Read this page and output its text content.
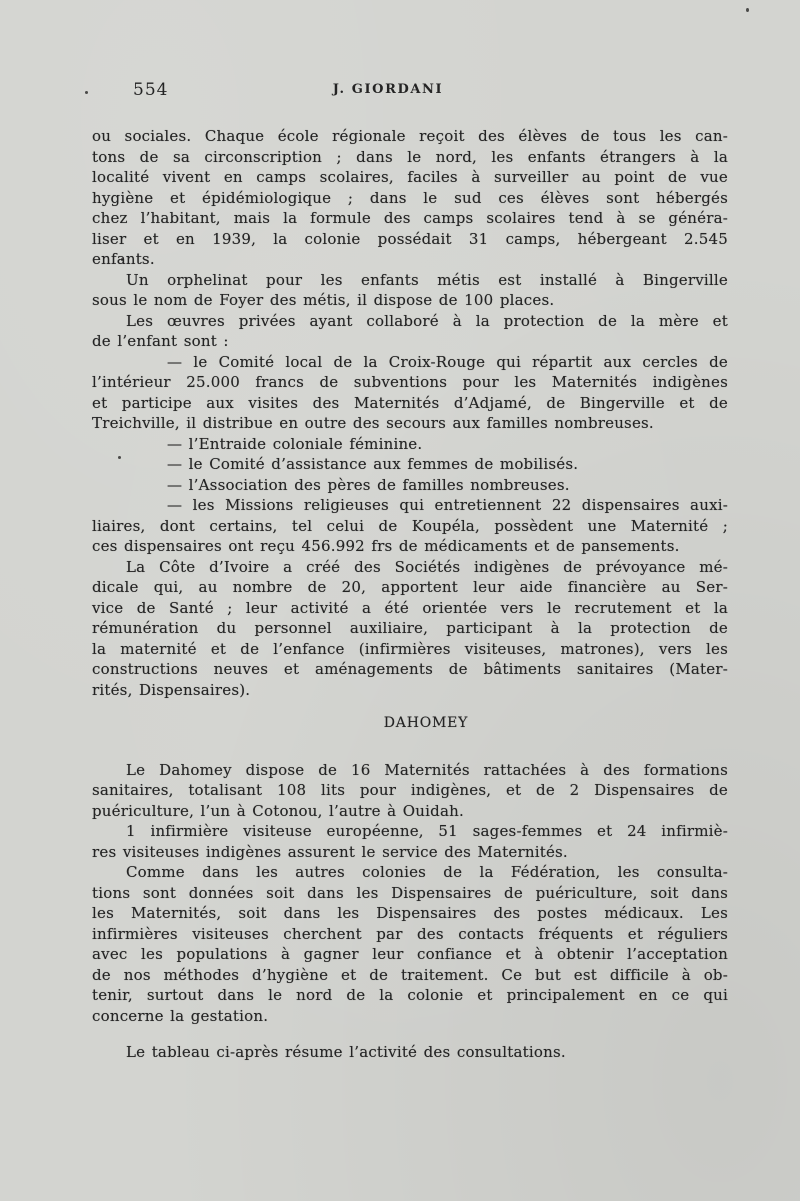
554	J. GIORDANI
ou sociales. Chaque école régionale reçoit des élèves de tous les can-
tons de sa circonscription ; dans le nord, les enfants étrangers à la
localité vivent en camps scolaires, faciles à surveiller au point de vue
hygiène et épidémiologique ; dans le sud ces élèves sont hébergés
chez l’habitant, mais la formule des camps scolaires tend à se généra-
liser et en 1939, la colonie possédait 31 camps, hébergeant 2.545
enfants.
Un orphelinat pour les enfants métis est installé à Bingerville
sous le nom de Foyer des métis, il dispose de 100 places.
Les œuvres privées ayant collaboré à la protection de la mère et
de l’enfant sont :
— le Comité local de la Croix-Rouge qui répartit aux cercles de
l’intérieur 25.000 francs de subventions pour les Maternités indigènes
et participe aux visites des Maternités d’Adjamé, de Bingerville et de
Treichville, il distribue en outre des secours aux familles nombreuses.
— l’Entraide coloniale féminine.
— le Comité d’assistance aux femmes de mobilisés.
— l’Association des pères de familles nombreuses.
— les Missions religieuses qui entretiennent 22 dispensaires auxi-
liaires, dont certains, tel celui de Koupéla, possèdent une Maternité ;
ces dispensaires ont reçu 456.992 frs de médicaments et de pansements.
La Côte d’Ivoire a créé des Sociétés indigènes de prévoyance mé-
dicale qui, au nombre de 20, apportent leur aide financière au Ser-
vice de Santé ; leur activité a été orientée vers le recrutement et la
rémunération du personnel auxiliaire, participant à la protection de
la maternité et de l’enfance (infirmières visiteuses, matrones), vers les
constructions neuves et aménagements de bâtiments sanitaires (Mater-
rités, Dispensaires).
DAHOMEY
Le Dahomey dispose de 16 Maternités rattachées à des formations
sanitaires, totalisant 108 lits pour indigènes, et de 2 Dispensaires de
puériculture, l’un à Cotonou, l’autre à Ouidah.
1 infirmière visiteuse européenne, 51 sages-femmes et 24 infirmiè-
res visiteuses indigènes assurent le service des Maternités.
Comme dans les autres colonies de la Fédération, les consulta-
tions sont données soit dans les Dispensaires de puériculture, soit dans
les Maternités, soit dans les Dispensaires des postes médicaux. Les
infirmières visiteuses cherchent par des contacts fréquents et réguliers
avec les populations à gagner leur confiance et à obtenir l’acceptation
de nos méthodes d’hygiène et de traitement. Ce but est difficile à ob-
tenir, surtout dans le nord de la colonie et principalement en ce qui
concerne la gestation.
Le tableau ci-après résume l’activité des consultations.
